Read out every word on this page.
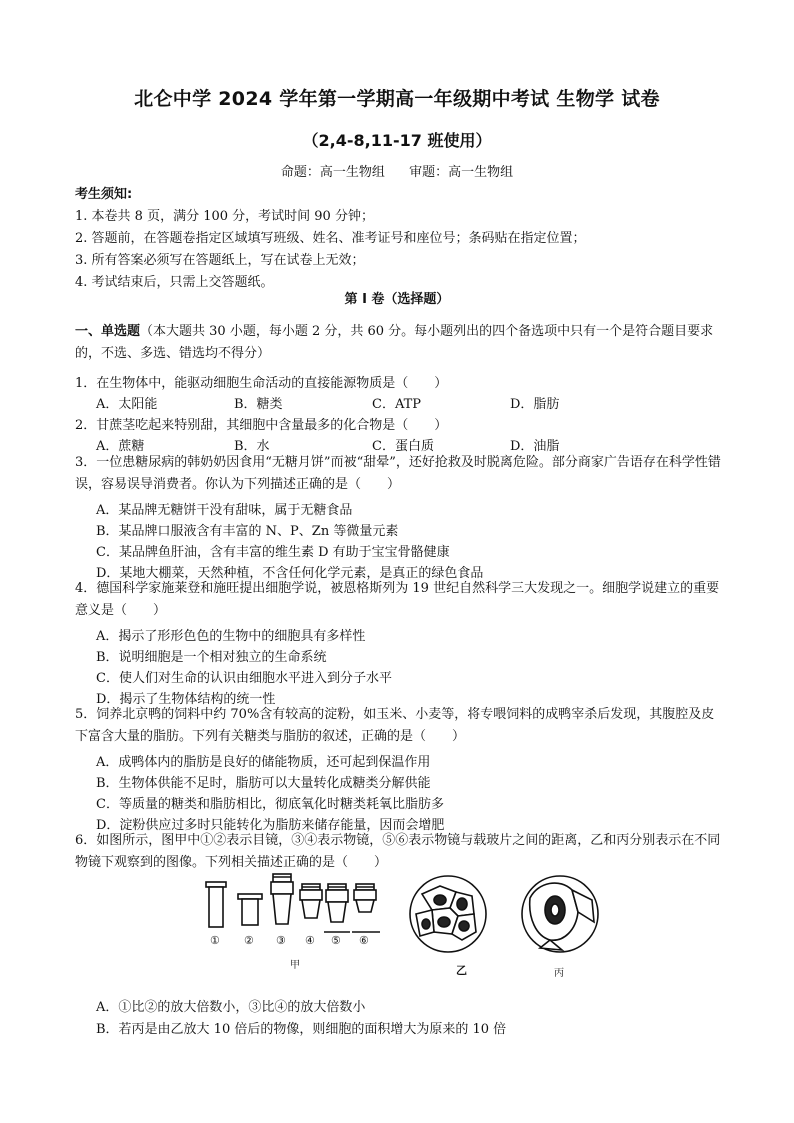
北仑中学 2024 学年第一学期高一年级期中考试 生物学 试卷
（2,4-8,11-17 班使用）
命题：高一生物组 审题：高一生物组
考生须知:
1. 本卷共 8 页，满分 100 分，考试时间 90 分钟；
2. 答题前，在答题卷指定区域填写班级、姓名、准考证号和座位号；条码贴在指定位置；
3. 所有答案必须写在答题纸上，写在试卷上无效；
4. 考试结束后，只需上交答题纸。
第 I 卷（选择题）
一、单选题（本大题共 30 小题，每小题 2 分，共 60 分。每小题列出的四个备选项中只有一个是符合题目要求的，不选、多选、错选均不得分）
1．在生物体中，能驱动细胞生命活动的直接能源物质是（　　）
A．太阳能	B．糖类	C．ATP	D．脂肪
2．甘蔗茎吃起来特别甜，其细胞中含量最多的化合物是（　　）
A．蔗糖	B．水	C．蛋白质	D．油脂
3．一位患糖尿病的韩奶奶因食用“无糖月饼”而被“甜晕”，还好抢救及时脱离危险。部分商家广告语存在科学性错误，容易误导消费者。你认为下列描述正确的是（　　）
A．某品牌无糖饼干没有甜味，属于无糖食品
B．某品牌口服液含有丰富的 N、P、Zn 等微量元素
C．某品牌鱼肝油，含有丰富的维生素 D 有助于宝宝骨骼健康
D．某地大棚菜，天然种植，不含任何化学元素，是真正的绿色食品
4．德国科学家施莱登和施旺提出细胞学说，被恩格斯列为 19 世纪自然科学三大发现之一。细胞学说建立的重要意义是（　　）
A．揭示了形形色色的生物中的细胞具有多样性
B．说明细胞是一个相对独立的生命系统
C．使人们对生命的认识由细胞水平进入到分子水平
D．揭示了生物体结构的统一性
5．饲养北京鸭的饲料中约 70%含有较高的淀粉，如玉米、小麦等，将专喂饲料的成鸭宰杀后发现，其腹腔及皮下富含大量的脂肪。下列有关糖类与脂肪的叙述，正确的是（　　）
A．成鸭体内的脂肪是良好的储能物质，还可起到保温作用
B．生物体供能不足时，脂肪可以大量转化成糖类分解供能
C．等质量的糖类和脂肪相比，彻底氧化时糖类耗氧比脂肪多
D．淀粉供应过多时只能转化为脂肪来储存能量，因而会增肥
6．如图所示，图甲中①②表示目镜，③④表示物镜，⑤⑥表示物镜与载玻片之间的距离，乙和丙分别表示在不同物镜下观察到的图像。下列相关描述正确的是（　　）
① ② ③ ④ ⑤ ⑥
甲	乙	丙
A．①比②的放大倍数小，③比④的放大倍数小
B．若丙是由乙放大 10 倍后的物像，则细胞的面积增大为原来的 10 倍
